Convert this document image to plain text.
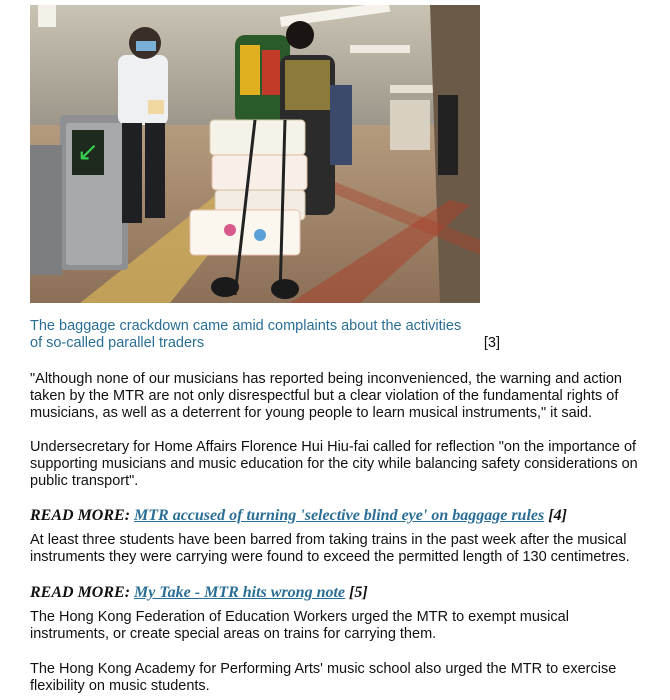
↙

The baggage crackdown came amid complaints about the activities of so-called parallel traders	[3]

"Although none of our musicians has reported being inconvenienced, the warning and action taken by the MTR are not only disrespectful but a clear violation of the fundamental rights of musicians, as well as a deterrent for young people to learn musical instruments," it said.

Undersecretary for Home Affairs Florence Hui Hiu-fai called for reflection "on the importance of supporting musicians and music education for the city while balancing safety considerations on public transport".

READ MORE: MTR accused of turning 'selective blind eye' on baggage rules [4]

At least three students have been barred from taking trains in the past week after the musical instruments they were carrying were found to exceed the permitted length of 130 centimetres.

READ MORE: My Take - MTR hits wrong note [5]

The Hong Kong Federation of Education Workers urged the MTR to exempt musical instruments, or create special areas on trains for carrying them.

The Hong Kong Academy for Performing Arts' music school also urged the MTR to exercise flexibility on music students.
